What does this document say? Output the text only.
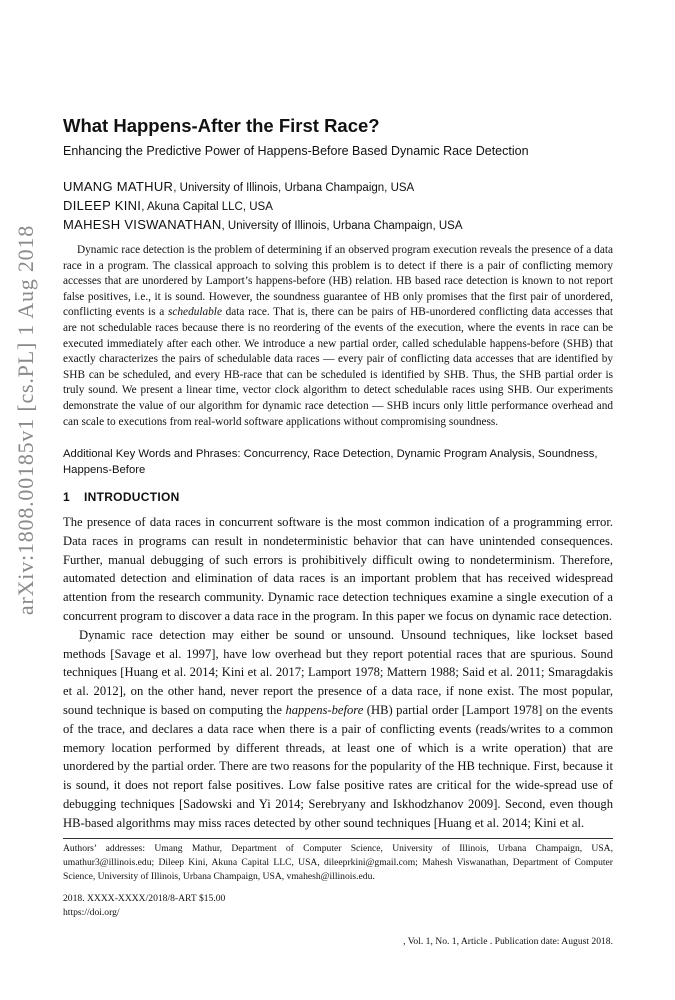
arXiv:1808.00185v1 [cs.PL] 1 Aug 2018
What Happens-After the First Race?
Enhancing the Predictive Power of Happens-Before Based Dynamic Race Detection
UMANG MATHUR, University of Illinois, Urbana Champaign, USA
DILEEP KINI, Akuna Capital LLC, USA
MAHESH VISWANATHAN, University of Illinois, Urbana Champaign, USA
Dynamic race detection is the problem of determining if an observed program execution reveals the presence of a data race in a program. The classical approach to solving this problem is to detect if there is a pair of conflicting memory accesses that are unordered by Lamport’s happens-before (HB) relation. HB based race detection is known to not report false positives, i.e., it is sound. However, the soundness guarantee of HB only promises that the first pair of unordered, conflicting events is a schedulable data race. That is, there can be pairs of HB-unordered conflicting data accesses that are not schedulable races because there is no reordering of the events of the execution, where the events in race can be executed immediately after each other. We introduce a new partial order, called schedulable happens-before (SHB) that exactly characterizes the pairs of schedulable data races — every pair of conflicting data accesses that are identified by SHB can be scheduled, and every HB-race that can be scheduled is identified by SHB. Thus, the SHB partial order is truly sound. We present a linear time, vector clock algorithm to detect schedulable races using SHB. Our experiments demonstrate the value of our algorithm for dynamic race detection — SHB incurs only little performance overhead and can scale to executions from real-world software applications without compromising soundness.
Additional Key Words and Phrases: Concurrency, Race Detection, Dynamic Program Analysis, Soundness, Happens-Before
1 INTRODUCTION

The presence of data races in concurrent software is the most common indication of a programming error. Data races in programs can result in nondeterministic behavior that can have unintended consequences. Further, manual debugging of such errors is prohibitively difficult owing to nondeterminism. Therefore, automated detection and elimination of data races is an important problem that has received widespread attention from the research community. Dynamic race detection techniques examine a single execution of a concurrent program to discover a data race in the program. In this paper we focus on dynamic race detection.

Dynamic race detection may either be sound or unsound. Unsound techniques, like lockset based methods [Savage et al. 1997], have low overhead but they report potential races that are spurious. Sound techniques [Huang et al. 2014; Kini et al. 2017; Lamport 1978; Mattern 1988; Said et al. 2011; Smaragdakis et al. 2012], on the other hand, never report the presence of a data race, if none exist. The most popular, sound technique is based on computing the happens-before (HB) partial order [Lamport 1978] on the events of the trace, and declares a data race when there is a pair of conflicting events (reads/writes to a common memory location performed by different threads, at least one of which is a write operation) that are unordered by the partial order. There are two reasons for the popularity of the HB technique. First, because it is sound, it does not report false positives. Low false positive rates are critical for the wide-spread use of debugging techniques [Sadowski and Yi 2014; Serebryany and Iskhodzhanov 2009]. Second, even though HB-based algorithms may miss races detected by other sound techniques [Huang et al. 2014; Kini et al.

Authors’ addresses: Umang Mathur, Department of Computer Science, University of Illinois, Urbana Champaign, USA, umathur3@illinois.edu; Dileep Kini, Akuna Capital LLC, USA, dileeprkini@gmail.com; Mahesh Viswanathan, Department of Computer Science, University of Illinois, Urbana Champaign, USA, vmahesh@illinois.edu.
2018. XXXX-XXXX/2018/8-ART $15.00
https://doi.org/
, Vol. 1, No. 1, Article . Publication date: August 2018.
